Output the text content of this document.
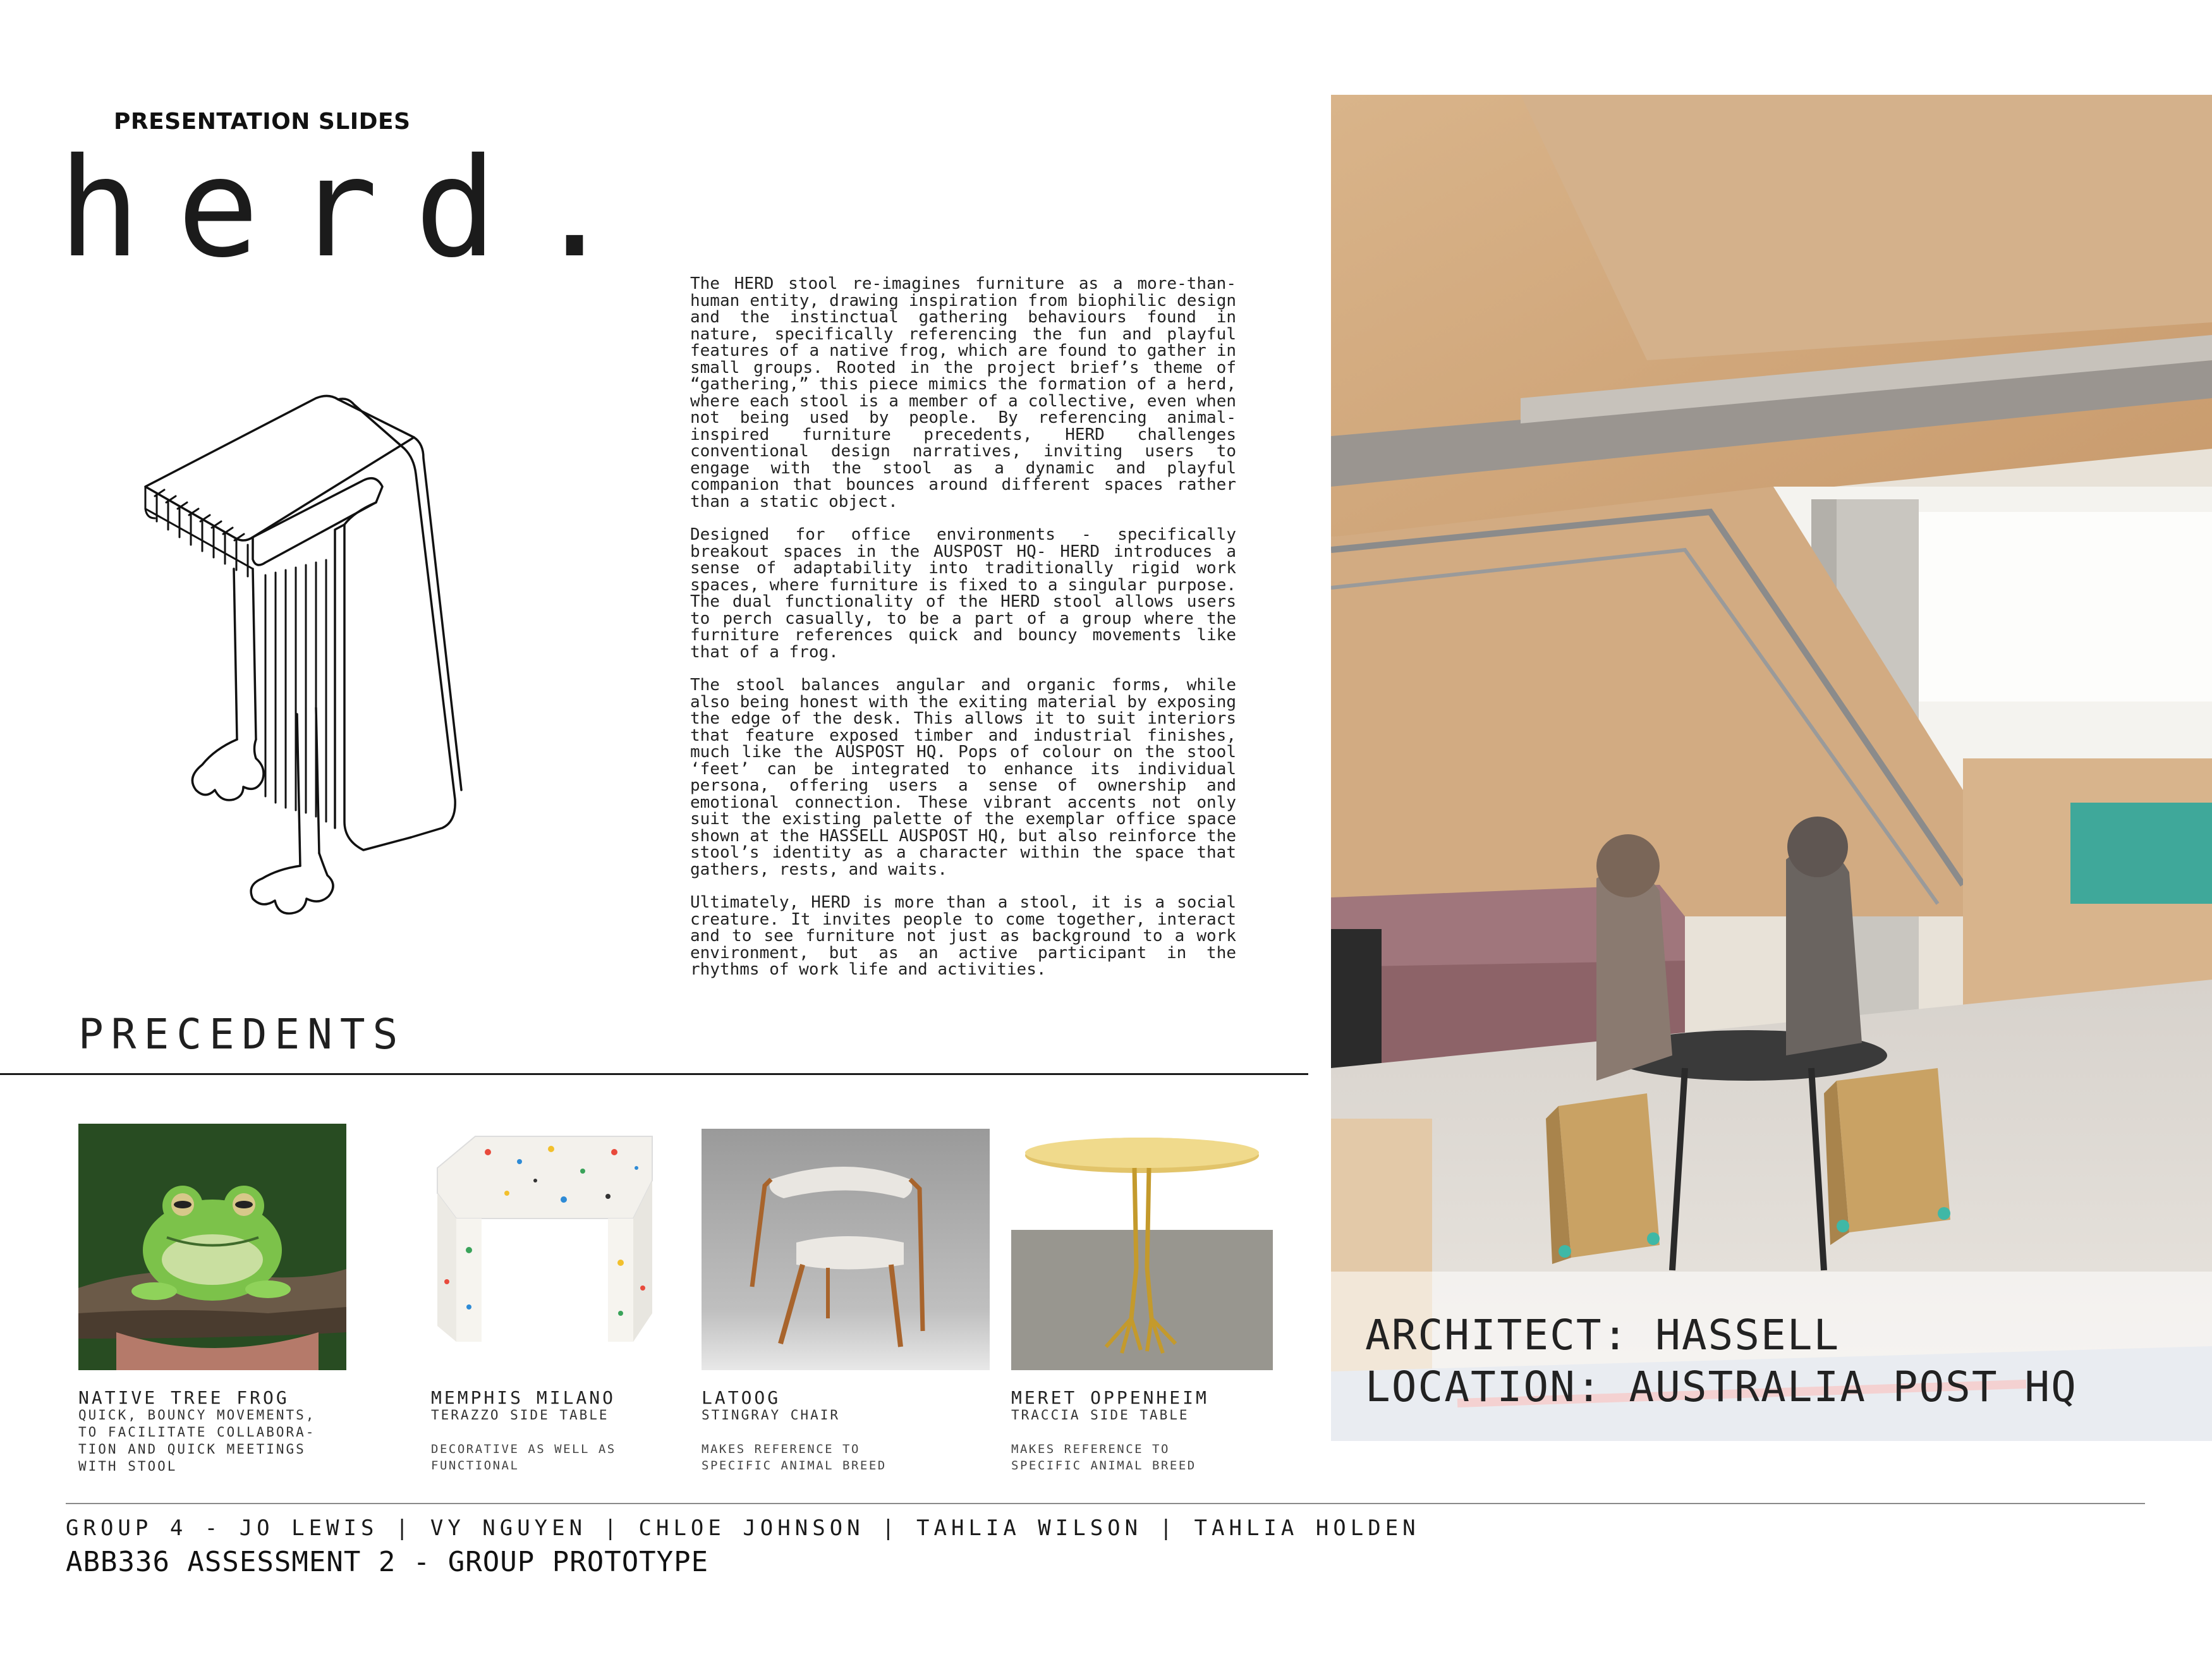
PRESENTATION SLIDES
herd. The HERD stool re-imagines furniture as a more-than-human entity, drawing inspiration from biophilic design and the instinctual gathering behaviours found in nature, specifically referencing the fun and playful features of a native frog, which are found to gather in small groups. Rooted in the project brief’s theme of “gathering,” this piece mimics the formation of a herd, where each stool is a member of a collective, even when not being used by people. By referencing animal-inspired furniture precedents, HERD challenges conventional design narratives, inviting users to engage with the stool as a dynamic and playful companion that bounces around different spaces rather than a static object.

Designed for office environments - specifically breakout spaces in the AUSPOST HQ- HERD introduces a sense of adaptability into traditionally rigid work spaces, where furniture is fixed to a singular purpose. The dual functionality of the HERD stool allows users to perch casually, to be a part of a group where the furniture references quick and bouncy movements like that of a frog.

The stool balances angular and organic forms, while also being honest with the exiting material by exposing the edge of the desk. This allows it to suit interiors that feature exposed timber and industrial finishes, much like the AUSPOST HQ. Pops of colour on the stool ‘feet’ can be integrated to enhance its individual persona, offering users a sense of ownership and emotional connection. These vibrant accents not only suit the existing palette of the exemplar office space shown at the HASSELL AUSPOST HQ, but also reinforce the stool’s identity as a character within the space that gathers, rests, and waits.

Ultimately, HERD is more than a stool, it is a social creature. It invites people to come together, interact and to see furniture not just as background to a work environment, but as an active participant in the rhythms of work life and activities.

PRECEDENTS
NATIVE TREE FROG
QUICK, BOUNCY MOVEMENTS,
TO FACILITATE COLLABORA-
TION AND QUICK MEETINGS
WITH STOOL
MEMPHIS MILANO
TERAZZO SIDE TABLE
DECORATIVE AS WELL AS
FUNCTIONAL
LATOOG
STINGRAY CHAIR
MAKES REFERENCE TO
SPECIFIC ANIMAL BREED
MERET OPPENHEIM
TRACCIA SIDE TABLE
MAKES REFERENCE TO
SPECIFIC ANIMAL BREED
ARCHITECT: HASSELL
LOCATION: AUSTRALIA POST HQ
GROUP 4 - JO LEWIS | VY NGUYEN | CHLOE JOHNSON | TAHLIA WILSON | TAHLIA HOLDEN
ABB336 ASSESSMENT 2 - GROUP PROTOTYPE
